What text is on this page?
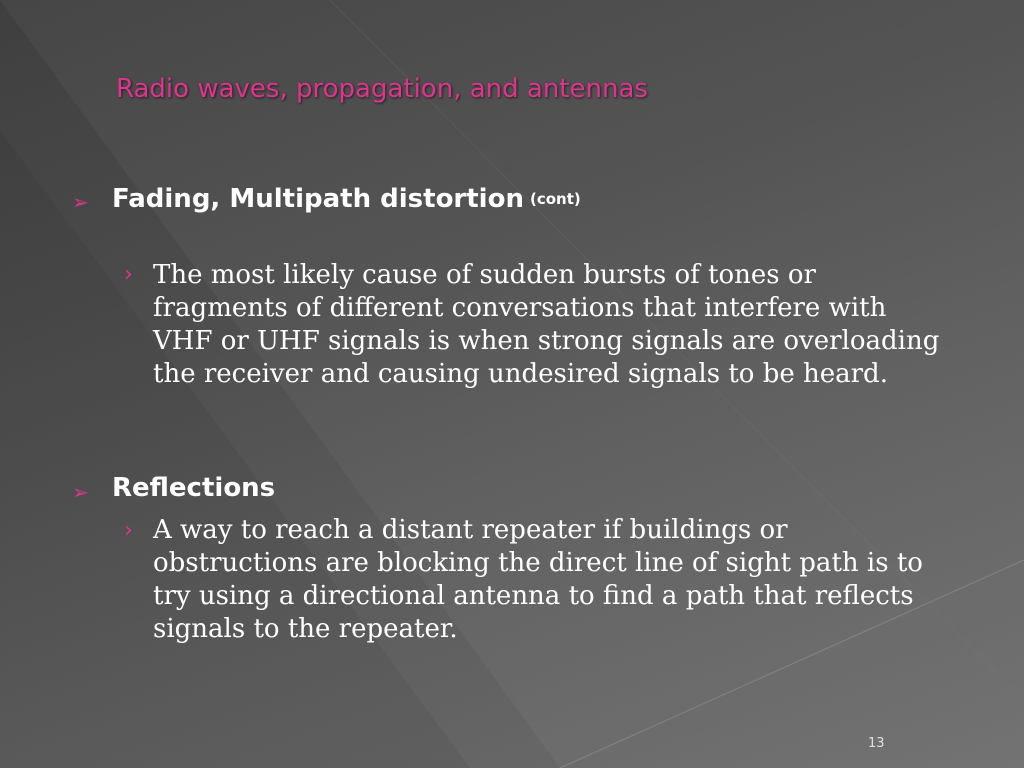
Radio waves, propagation, and antennas
➢ Fading, Multipath distortion (cont)
› The most likely cause of sudden bursts of tones or fragments of different conversations that interfere with VHF or UHF signals is when strong signals are overloading the receiver and causing undesired signals to be heard.
➢ Reflections
› A way to reach a distant repeater if buildings or obstructions are blocking the direct line of sight path is to try using a directional antenna to find a path that reflects signals to the repeater.
13
